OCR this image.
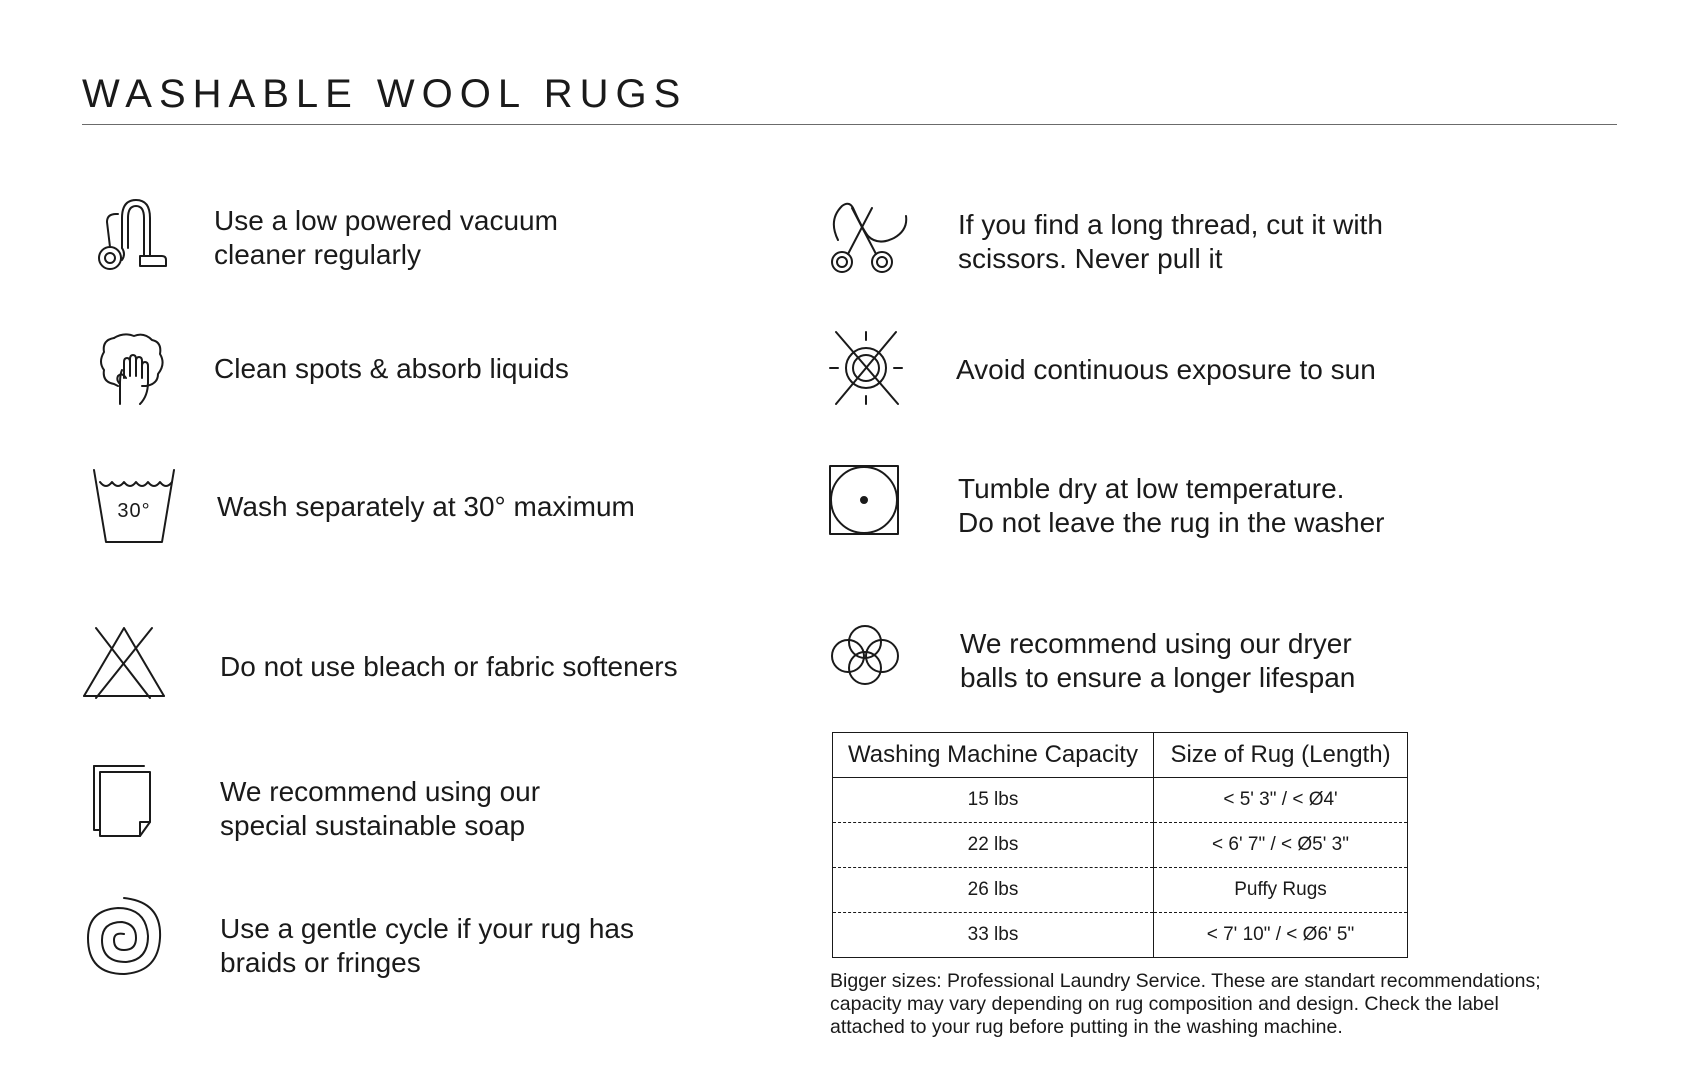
WASHABLE WOOL RUGS
Use a low powered vacuum
cleaner regularly
Clean spots & absorb liquids
30°	Wash separately at 30° maximum
Do not use bleach or fabric softeners
We recommend using our
special sustainable soap
Use a gentle cycle if your rug has
braids or fringes
If you find a long thread, cut it with
scissors. Never pull it
Avoid continuous exposure to sun
Tumble dry at low temperature.
Do not leave the rug in the washer
We recommend using our dryer
balls to ensure a longer lifespan
Washing Machine Capacity	Size of Rug (Length)
15 lbs	< 5' 3" / < Ø4'
22 lbs	< 6' 7" / < Ø5' 3"
26 lbs	Puffy Rugs
33 lbs	< 7' 10" / < Ø6' 5"

Bigger sizes: Professional Laundry Service. These are standart recommendations;
capacity may vary depending on rug composition and design. Check the label
attached to your rug before putting in the washing machine.
